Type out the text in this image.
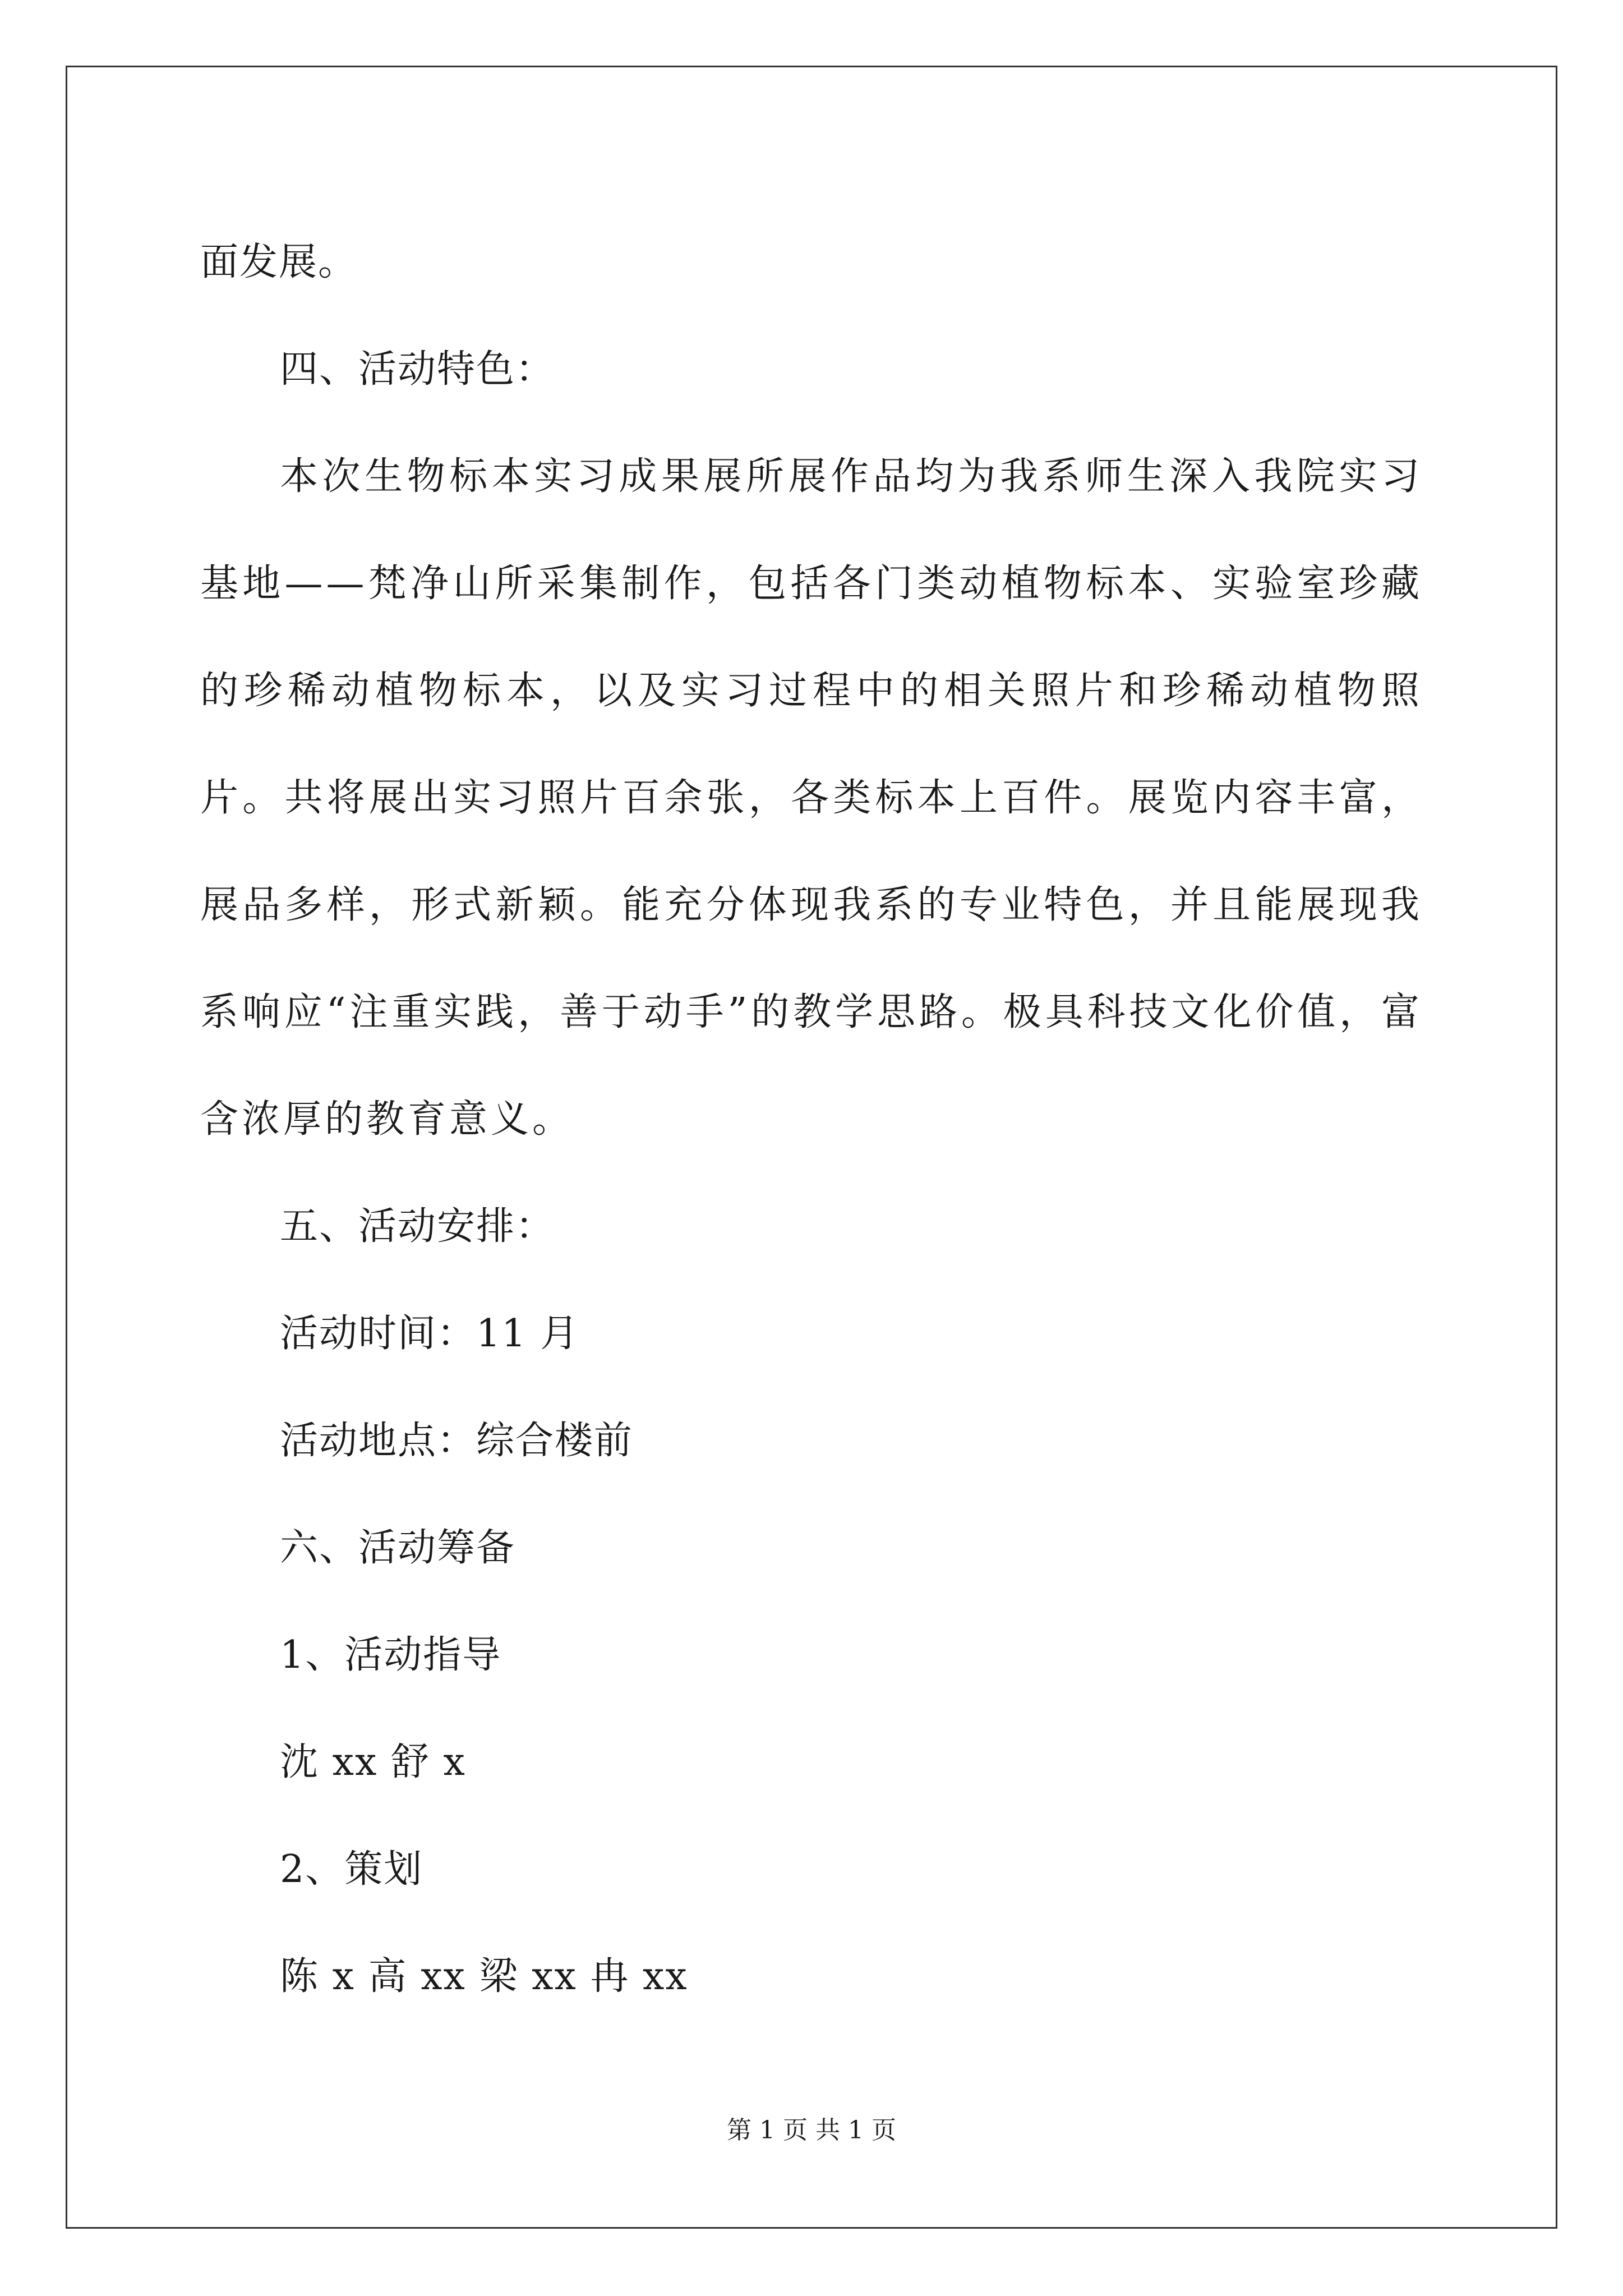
面发展。
四、活动特色：

本次生物标本实习成果展所展作品均为我系师生深入我院实习基地——梵净山所采集制作，包括各门类动植物标本、实验室珍藏的珍稀动植物标本，以及实习过程中的相关照片和珍稀动植物照片。共将展出实习照片百余张，各类标本上百件。展览内容丰富，展品多样，形式新颖。能充分体现我系的专业特色，并且能展现我系响应“注重实践，善于动手”的教学思路。极具科技文化价值，富含浓厚的教育意义。

五、活动安排：
活动时间：11 月
活动地点：综合楼前
六、活动筹备
1、活动指导
沈 xx 舒 x
2、策划
陈 x 高 xx 梁 xx 冉 xx
第 1 页 共 1 页
